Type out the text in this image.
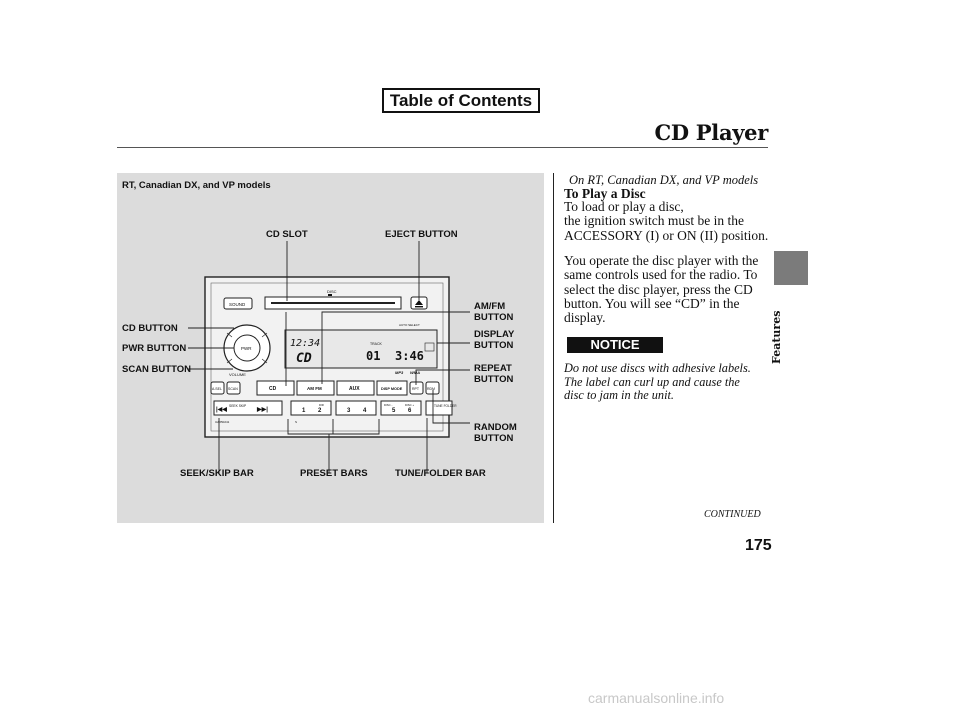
Table of Contents
CD Player
RT, Canadian DX, and VP models
DISC
SOUND
PWR
VOLUME
12:34
CD
TRACK
01 3:46
AUTO SELECT
MP3 WMA
A.SEL SCAN	CD	AM FM	AUX	DISP MODE	RPT RDM
SEEK SKIP
|◀◀	▶▶|	1 2	3 4	5 6
DISC -	DISC +
DIR	TUNE FOLDER
U2R50241	S
CD SLOT	EJECT BUTTON
AM/FM
BUTTON
DISPLAY
BUTTON
REPEAT
BUTTON
RANDOM
BUTTON
CD BUTTON
PWR BUTTON
SCAN BUTTON
SEEK/SKIP BAR	PRESET BARS	TUNE/FOLDER BAR
On RT, Canadian DX, and VP models
To Play a Disc
To load or play a disc,
the ignition switch must be in the
ACCESSORY (I) or ON (II) position.
You operate the disc player with the
same controls used for the radio. To
select the disc player, press the CD
button. You will see “CD” in the
display.
NOTICE
Do not use discs with adhesive labels.
The label can curl up and cause the
disc to jam in the unit.
CONTINUED
175
Features
carmanualsonline.info
